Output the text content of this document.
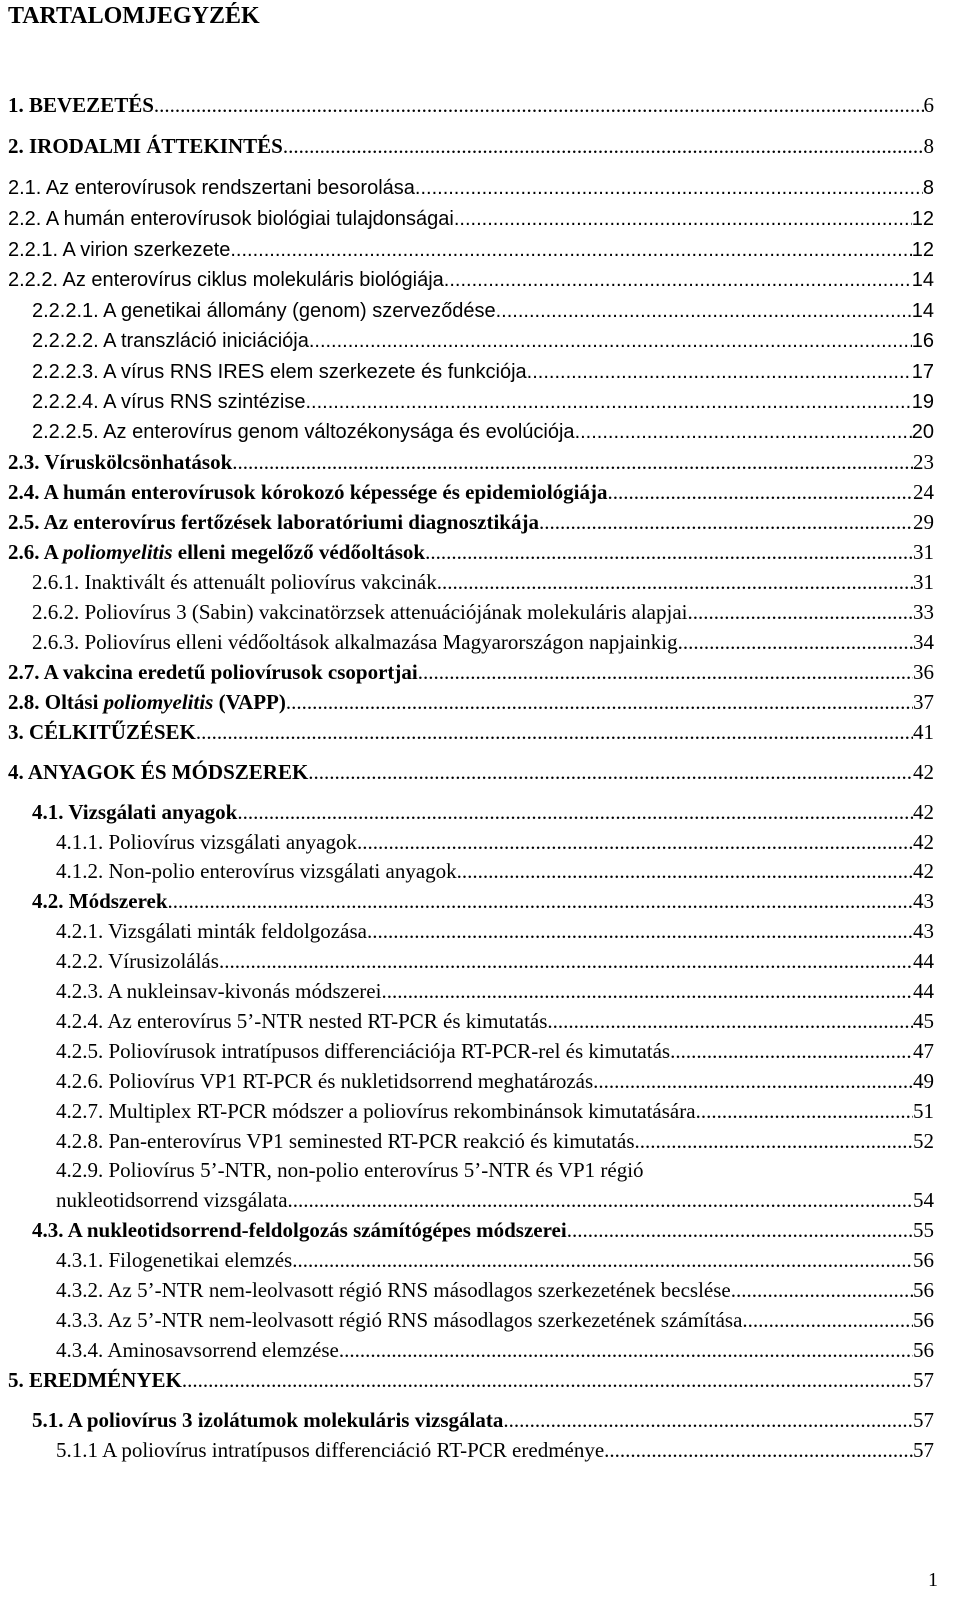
TARTALOMJEGYZÉK
1. BEVEZETÉS .....	6
2. IRODALMI ÁTTEKINTÉS .....	8
2.1. Az enterovírusok rendszertani besorolása .....	8
2.2. A humán enterovírusok biológiai tulajdonságai .....	12
2.2.1. A virion szerkezete .....	12
2.2.2. Az enterovírus ciklus molekuláris biológiája .....	14
2.2.2.1. A genetikai állomány (genom) szerveződése .....	14
2.2.2.2. A transzláció iniciációja .....	16
2.2.2.3. A vírus RNS IRES elem szerkezete és funkciója .....	17
2.2.2.4. A vírus RNS szintézise .....	19
2.2.2.5. Az enterovírus genom változékonysága és evolúciója .....	20
2.3. Víruskölcsönhatások .....	23
2.4. A humán enterovírusok kórokozó képessége és epidemiológiája .....	24
2.5. Az enterovírus fertőzések laboratóriumi diagnosztikája .....	29
2.6. A poliomyelitis elleni megelőző védőoltások .....	31
2.6.1. Inaktivált és attenuált poliovírus vakcinák .....	31
2.6.2. Poliovírus 3 (Sabin) vakcinatörzsek attenuációjának molekuláris alapjai .....	33
2.6.3. Poliovírus elleni védőoltások alkalmazása Magyarországon napjainkig .....	34
2.7. A vakcina eredetű poliovírusok csoportjai .....	36
2.8. Oltási poliomyelitis (VAPP) .....	37
3. CÉLKITŰZÉSEK .....	41
4. ANYAGOK ÉS MÓDSZEREK .....	42
4.1. Vizsgálati anyagok .....	42
4.1.1. Poliovírus vizsgálati anyagok .....	42
4.1.2. Non-polio enterovírus vizsgálati anyagok .....	42
4.2. Módszerek .....	43
4.2.1. Vizsgálati minták feldolgozása .....	43
4.2.2. Vírusizolálás .....	44
4.2.3. A nukleinsav-kivonás módszerei .....	44
4.2.4. Az enterovírus 5’-NTR nested RT-PCR és kimutatás .....	45
4.2.5. Poliovírusok intratípusos differenciációja RT-PCR-rel és kimutatás .....	47
4.2.6. Poliovírus VP1 RT-PCR és nukletidsorrend meghatározás .....	49
4.2.7. Multiplex RT-PCR módszer a poliovírus rekombinánsok kimutatására .....	51
4.2.8. Pan-enterovírus VP1 seminested RT-PCR reakció és kimutatás .....	52
4.2.9. Poliovírus 5’-NTR, non-polio enterovírus 5’-NTR és VP1 régió
nukleotidsorrend vizsgálata .....	54
4.3. A nukleotidsorrend-feldolgozás számítógépes módszerei .....	55
4.3.1. Filogenetikai elemzés .....	56
4.3.2. Az 5’-NTR nem-leolvasott régió RNS másodlagos szerkezetének becslése .....	56
4.3.3. Az 5’-NTR nem-leolvasott régió RNS másodlagos szerkezetének számítása .....	56
4.3.4. Aminosavsorrend elemzése .....	56
5. EREDMÉNYEK .....	57
5.1. A poliovírus 3 izolátumok molekuláris vizsgálata .....	57
5.1.1 A poliovírus intratípusos differenciáció RT-PCR eredménye .....	57
1
